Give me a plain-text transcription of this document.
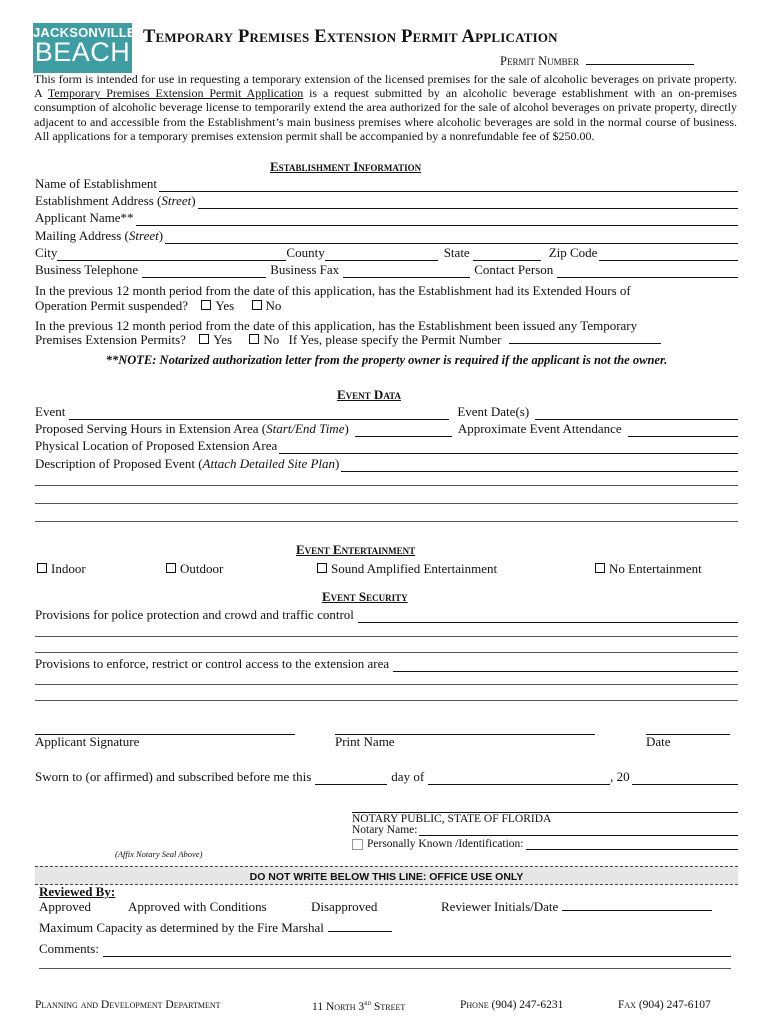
JACKSONVILLE
BEACH Temporary Premises Extension Permit Application
Permit Number
This form is intended for use in requesting a temporary extension of the licensed premises for the sale of alcoholic beverages on private property. A Temporary Premises Extension Permit Application is a request submitted by an alcoholic beverage establishment with an on-premises consumption of alcoholic beverage license to temporarily extend the area authorized for the sale of alcohol beverages on private property, directly adjacent to and accessible from the Establishment’s main business premises where alcoholic beverages are sold in the normal course of business. All applications for a temporary premises extension permit shall be accompanied by a nonrefundable fee of $250.00.
Establishment Information
Name of Establishment
Establishment Address (Street)
Applicant Name**
Mailing Address (Street)
City	County	State	Zip Code
Business Telephone	Business Fax	Contact Person
In the previous 12 month period from the date of this application, has the Establishment had its Extended Hours of
Operation Permit suspended? Yes No
In the previous 12 month period from the date of this application, has the Establishment been issued any Temporary
Premises Extension Permits? Yes No If Yes, please specify the Permit Number
**NOTE: Notarized authorization letter from the property owner is required if the applicant is not the owner.
Event Data
Event	Event Date(s)
Proposed Serving Hours in Extension Area (Start/End Time)	Approximate Event Attendance
Physical Location of Proposed Extension Area
Description of Proposed Event (Attach Detailed Site Plan)
Event Entertainment
Indoor	Outdoor	Sound Amplified Entertainment	No Entertainment
Event Security
Provisions for police protection and crowd and traffic control
Provisions to enforce, restrict or control access to the extension area
Applicant Signature	Print Name	Date
Sworn to (or affirmed) and subscribed before me this	day of	, 20
NOTARY PUBLIC, STATE OF FLORIDA
Notary Name:
Personally Known /Identification:
(Affix Notary Seal Above)
DO NOT WRITE BELOW THIS LINE: OFFICE USE ONLY
Reviewed By:
Approved	Approved with Conditions	Disapproved	Reviewer Initials/Date
Maximum Capacity as determined by the Fire Marshal
Comments:
Planning and Development Department	11 North 3rd Street	Phone (904) 247-6231	Fax (904) 247-6107
